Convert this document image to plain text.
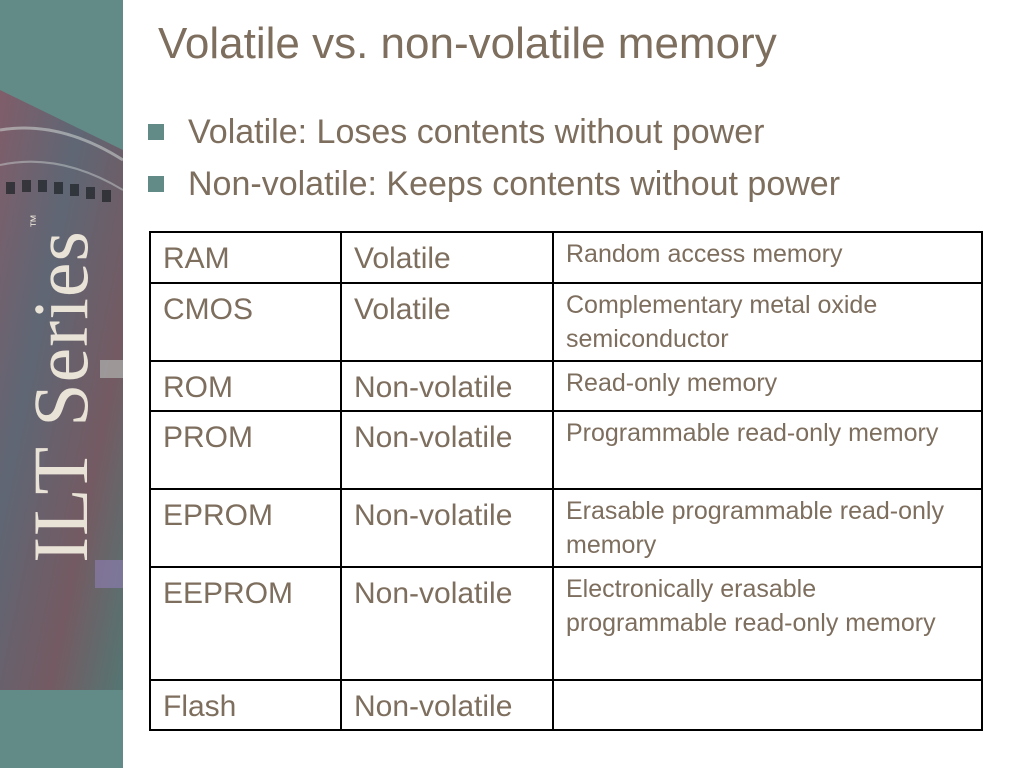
ILT Series™
Volatile vs. non-volatile memory
Volatile: Loses contents without power
Non-volatile: Keeps contents without power
RAM	Volatile	Random access memory
CMOS	Volatile	Complementary metal oxide semiconductor
ROM	Non-volatile	Read-only memory
PROM	Non-volatile	Programmable read-only memory
EPROM	Non-volatile	Erasable programmable read-only memory
EEPROM	Non-volatile	Electronically erasable programmable read-only memory
Flash	Non-volatile	
